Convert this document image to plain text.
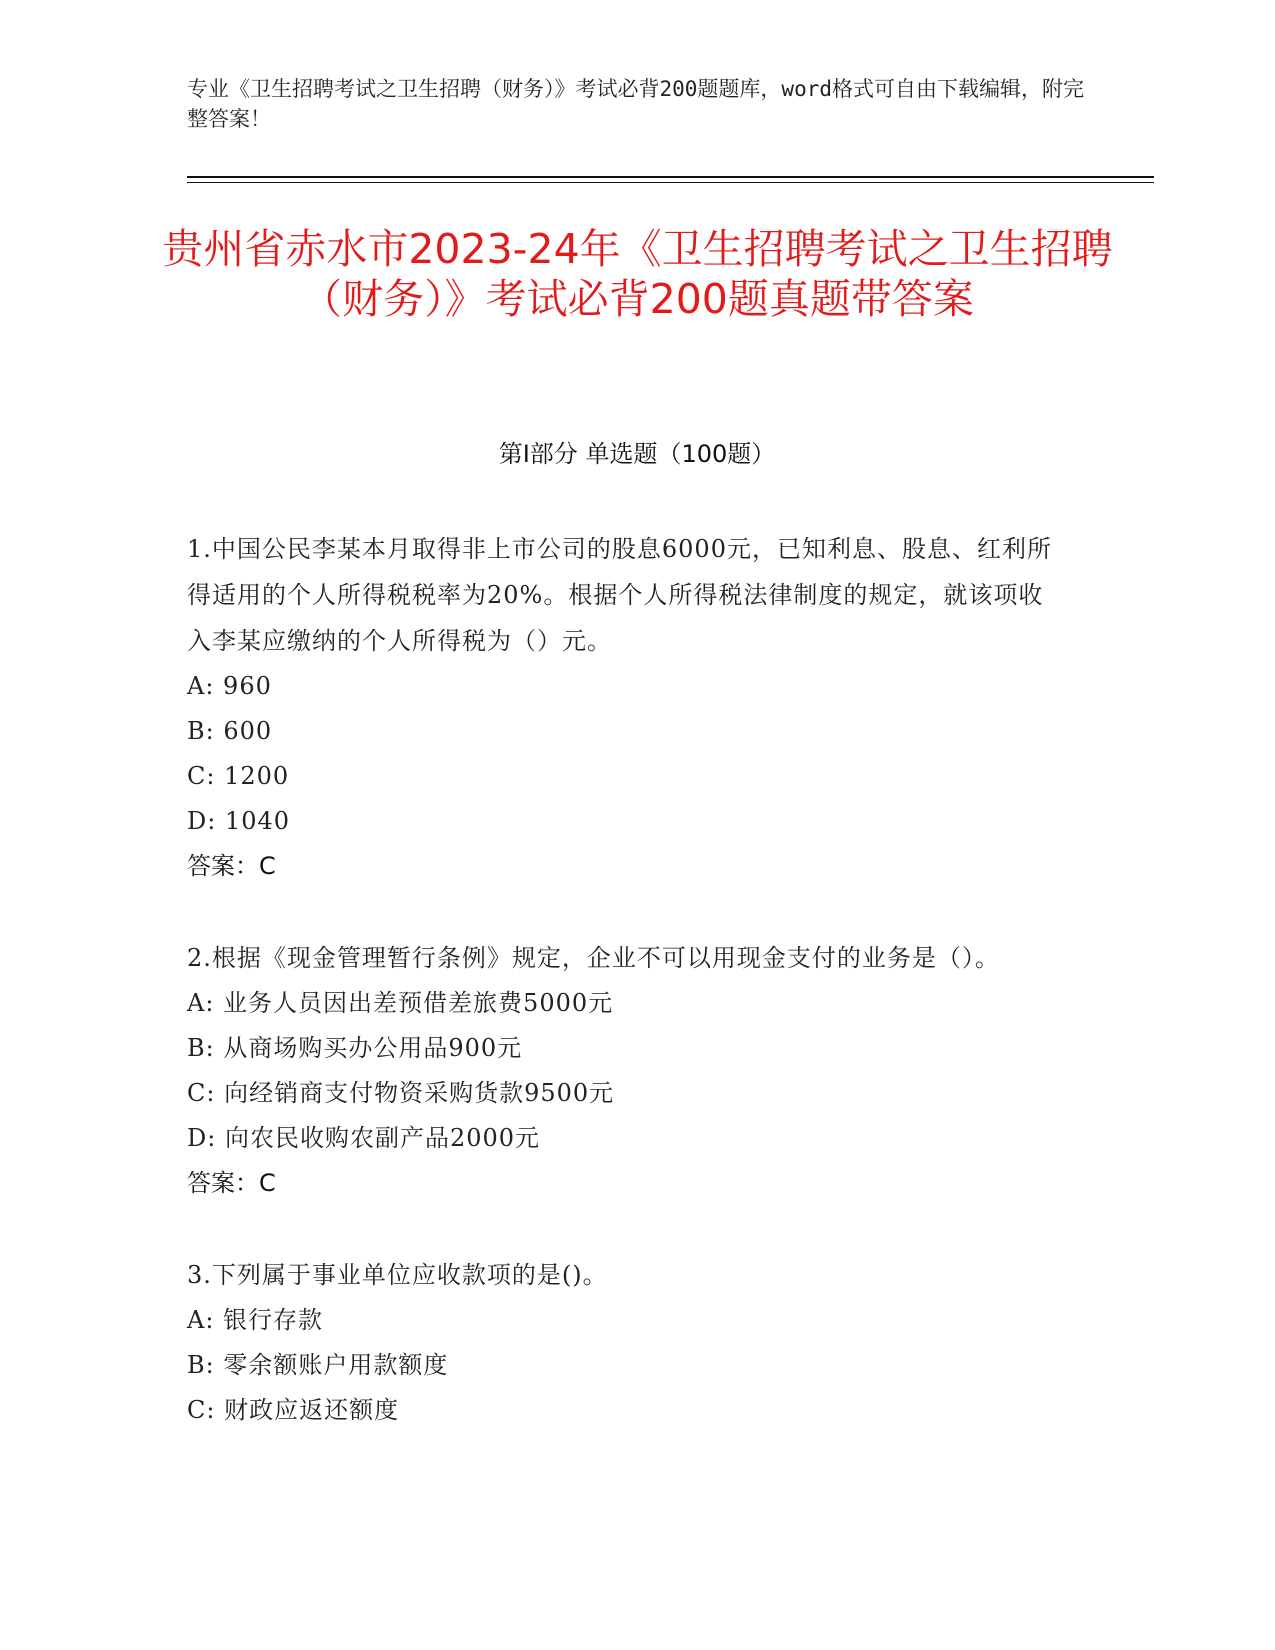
专业《卫生招聘考试之卫生招聘（财务）》考试必背200题题库，word格式可自由下载编辑，附完整答案！
贵州省赤水市2023-24年《卫生招聘考试之卫生招聘（财务）》考试必背200题真题带答案
第Ⅰ部分 单选题（100题）
1.中国公民李某本月取得非上市公司的股息6000元，已知利息、股息、红利所得适用的个人所得税税率为20%。根据个人所得税法律制度的规定，就该项收入李某应缴纳的个人所得税为（）元。
A: 960
B: 600
C: 1200
D: 1040
答案：C
2.根据《现金管理暂行条例》规定，企业不可以用现金支付的业务是（）。
A: 业务人员因出差预借差旅费5000元
B: 从商场购买办公用品900元
C: 向经销商支付物资采购货款9500元
D: 向农民收购农副产品2000元
答案：C
3.下列属于事业单位应收款项的是()。
A: 银行存款
B: 零余额账户用款额度
C: 财政应返还额度
